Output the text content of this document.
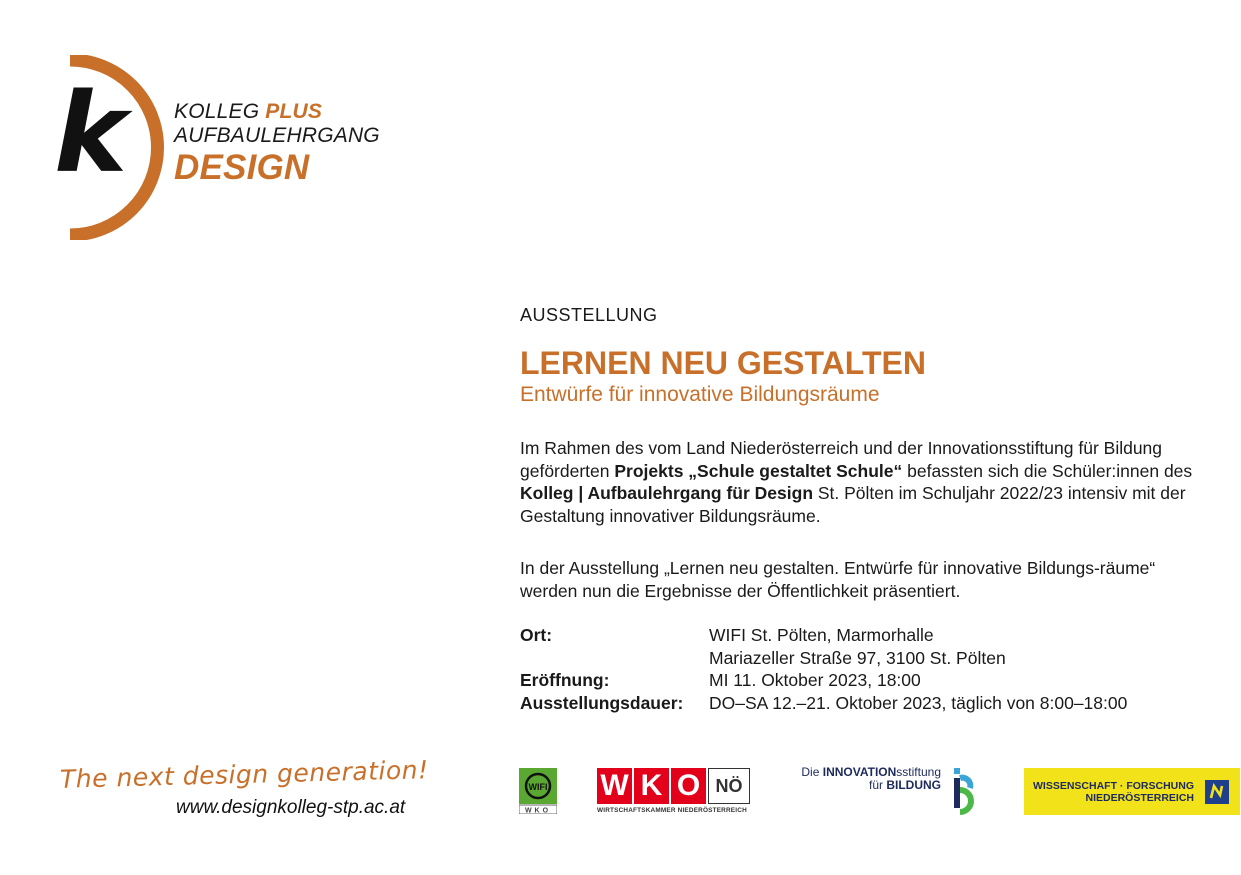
k KOLLEG PLUS
AUFBAULEHRGANG
DESIGN

AUSSTELLUNG

LERNEN NEU GESTALTEN

Entwürfe für innovative Bildungsräume

Im Rahmen des vom Land Niederösterreich und der Innovationsstiftung für Bildung geförderten Projekts „Schule gestaltet Schule“ befassten sich die Schüler:innen des Kolleg | Aufbaulehrgang für Design St. Pölten im Schuljahr 2022/23 intensiv mit der Gestaltung innovativer Bildungsräume.

In der Ausstellung „Lernen neu gestalten. Entwürfe für innovative Bildungs-räume“ werden nun die Ergebnisse der Öffentlichkeit präsentiert.

Ort:	WIFI St. Pölten, Marmorhalle
Mariazeller Straße 97, 3100 St. Pölten
Eröffnung:	MI 11. Oktober 2023, 18:00
Ausstellungsdauer:	DO–SA 12.–21. Oktober 2023, täglich von 8:00–18:00
The next design generation!
www.designkolleg-stp.ac.at
WIFI
WKO
W K O NÖ
WIRTSCHAFTSKAMMER NIEDERÖSTERREICH
Die INNOVATIONsstiftung
für BILDUNG	WISSENSCHAFT · FORSCHUNG
NIEDERÖSTERREICH
